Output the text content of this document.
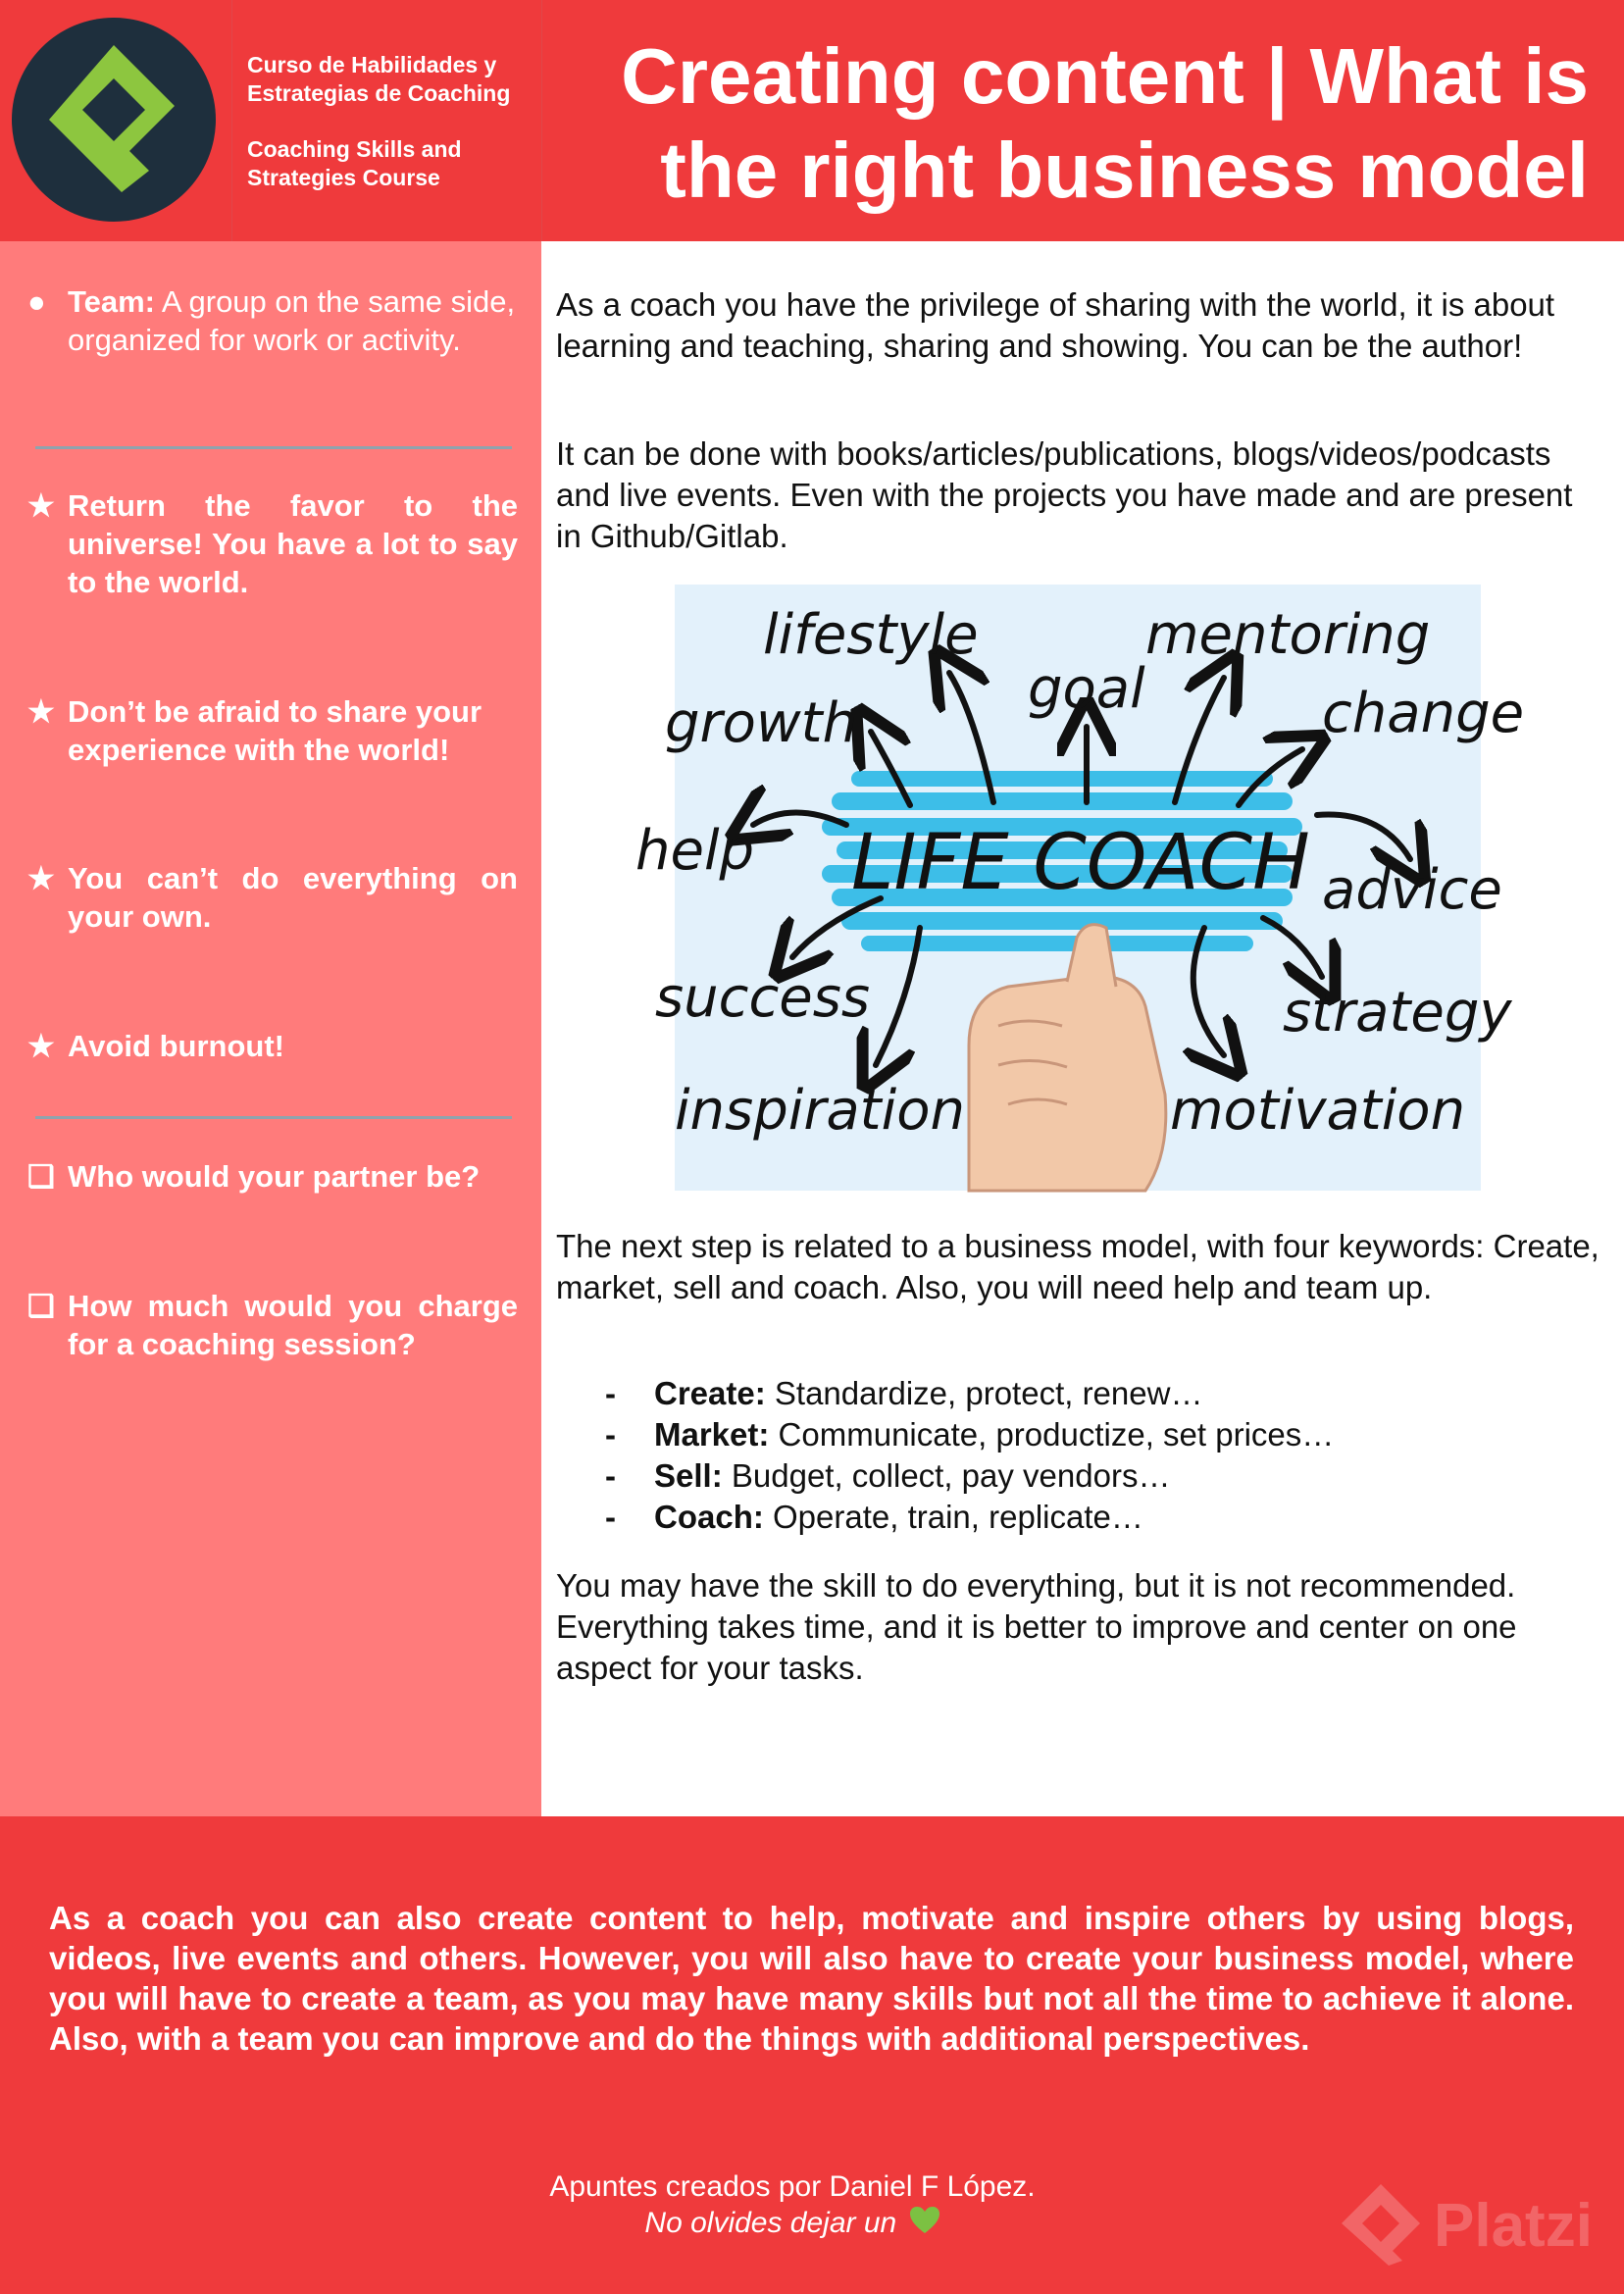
Curso de Habilidades y Estrategias de Coaching
Coaching Skills and Strategies Course
Creating content | What is the right business model
● Team: A group on the same side, organized for work or activity.
★ Return the favor to the universe! You have a lot to say to the world.
★ Don’t be afraid to share your experience with the world!
★ You can’t do everything on your own.
★ Avoid burnout!
❑ Who would your partner be?
❑ How much would you charge for a coaching session?
As a coach you have the privilege of sharing with the world, it is about learning and teaching, sharing and showing. You can be the author!
It can be done with books/articles/publications, blogs/videos/podcasts and live events. Even with the projects you have made and are present in Github/Gitlab.
lifestyle	mentoring
goal
growth	change
help
advice
success	strategy
inspiration	motivation
LIFE COACH
The next step is related to a business model, with four keywords: Create, market, sell and coach. Also, you will need help and team up.
- Create: Standardize, protect, renew…
- Market: Communicate, productize, set prices…
- Sell: Budget, collect, pay vendors…
- Coach: Operate, train, replicate…
You may have the skill to do everything, but it is not recommended. Everything takes time, and it is better to improve and center on one aspect for your tasks.
As a coach you can also create content to help, motivate and inspire others by using blogs, videos, live events and others. However, you will also have to create your business model, where you will have to create a team, as you may have many skills but not all the time to achieve it alone. Also, with a team you can improve and do the things with additional perspectives.
Apuntes creados por Daniel F López.
No olvides dejar un	Platzi
